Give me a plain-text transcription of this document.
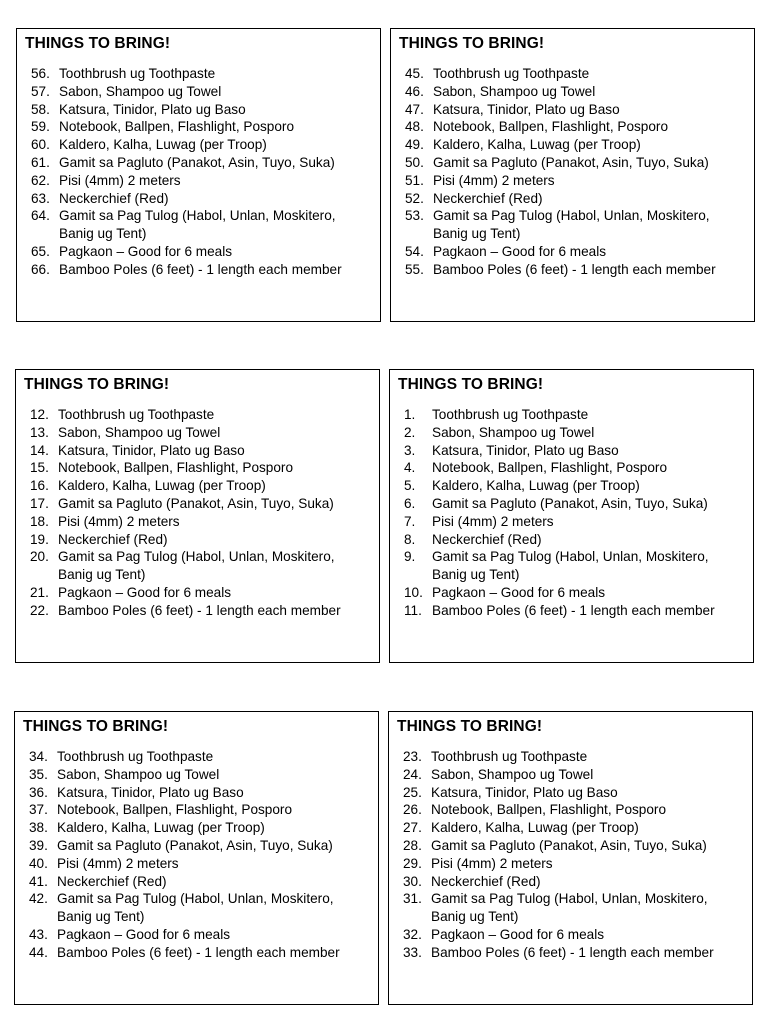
THINGS TO BRING!
56. Toothbrush ug Toothpaste
57. Sabon, Shampoo ug Towel
58. Katsura, Tinidor, Plato ug Baso
59. Notebook, Ballpen, Flashlight, Posporo
60. Kaldero, Kalha, Luwag (per Troop)
61. Gamit sa Pagluto (Panakot, Asin, Tuyo, Suka)
62. Pisi (4mm) 2 meters
63. Neckerchief (Red)
64. Gamit sa Pag Tulog (Habol, Unlan, Moskitero, Banig ug Tent)
65. Pagkaon – Good for 6 meals
66. Bamboo Poles (6 feet) - 1 length each member
THINGS TO BRING!
45. Toothbrush ug Toothpaste
46. Sabon, Shampoo ug Towel
47. Katsura, Tinidor, Plato ug Baso
48. Notebook, Ballpen, Flashlight, Posporo
49. Kaldero, Kalha, Luwag (per Troop)
50. Gamit sa Pagluto (Panakot, Asin, Tuyo, Suka)
51. Pisi (4mm) 2 meters
52. Neckerchief (Red)
53. Gamit sa Pag Tulog (Habol, Unlan, Moskitero, Banig ug Tent)
54. Pagkaon – Good for 6 meals
55. Bamboo Poles (6 feet) - 1 length each member
THINGS TO BRING!
12. Toothbrush ug Toothpaste
13. Sabon, Shampoo ug Towel
14. Katsura, Tinidor, Plato ug Baso
15. Notebook, Ballpen, Flashlight, Posporo
16. Kaldero, Kalha, Luwag (per Troop)
17. Gamit sa Pagluto (Panakot, Asin, Tuyo, Suka)
18. Pisi (4mm) 2 meters
19. Neckerchief (Red)
20. Gamit sa Pag Tulog (Habol, Unlan, Moskitero, Banig ug Tent)
21. Pagkaon – Good for 6 meals
22. Bamboo Poles (6 feet) - 1 length each member
THINGS TO BRING!
1.	Toothbrush ug Toothpaste
2.	Sabon, Shampoo ug Towel
3.	Katsura, Tinidor, Plato ug Baso
4.	Notebook, Ballpen, Flashlight, Posporo
5.	Kaldero, Kalha, Luwag (per Troop)
6.	Gamit sa Pagluto (Panakot, Asin, Tuyo, Suka)
7.	Pisi (4mm) 2 meters
8.	Neckerchief (Red)
9.	Gamit sa Pag Tulog (Habol, Unlan, Moskitero, Banig ug Tent)
10. Pagkaon – Good for 6 meals
11. Bamboo Poles (6 feet) - 1 length each member
THINGS TO BRING!
34. Toothbrush ug Toothpaste
35. Sabon, Shampoo ug Towel
36. Katsura, Tinidor, Plato ug Baso
37. Notebook, Ballpen, Flashlight, Posporo
38. Kaldero, Kalha, Luwag (per Troop)
39. Gamit sa Pagluto (Panakot, Asin, Tuyo, Suka)
40. Pisi (4mm) 2 meters
41. Neckerchief (Red)
42. Gamit sa Pag Tulog (Habol, Unlan, Moskitero, Banig ug Tent)
43. Pagkaon – Good for 6 meals
44. Bamboo Poles (6 feet) - 1 length each member
THINGS TO BRING!
23. Toothbrush ug Toothpaste
24. Sabon, Shampoo ug Towel
25. Katsura, Tinidor, Plato ug Baso
26. Notebook, Ballpen, Flashlight, Posporo
27. Kaldero, Kalha, Luwag (per Troop)
28. Gamit sa Pagluto (Panakot, Asin, Tuyo, Suka)
29. Pisi (4mm) 2 meters
30. Neckerchief (Red)
31. Gamit sa Pag Tulog (Habol, Unlan, Moskitero, Banig ug Tent)
32. Pagkaon – Good for 6 meals
33. Bamboo Poles (6 feet) - 1 length each member
